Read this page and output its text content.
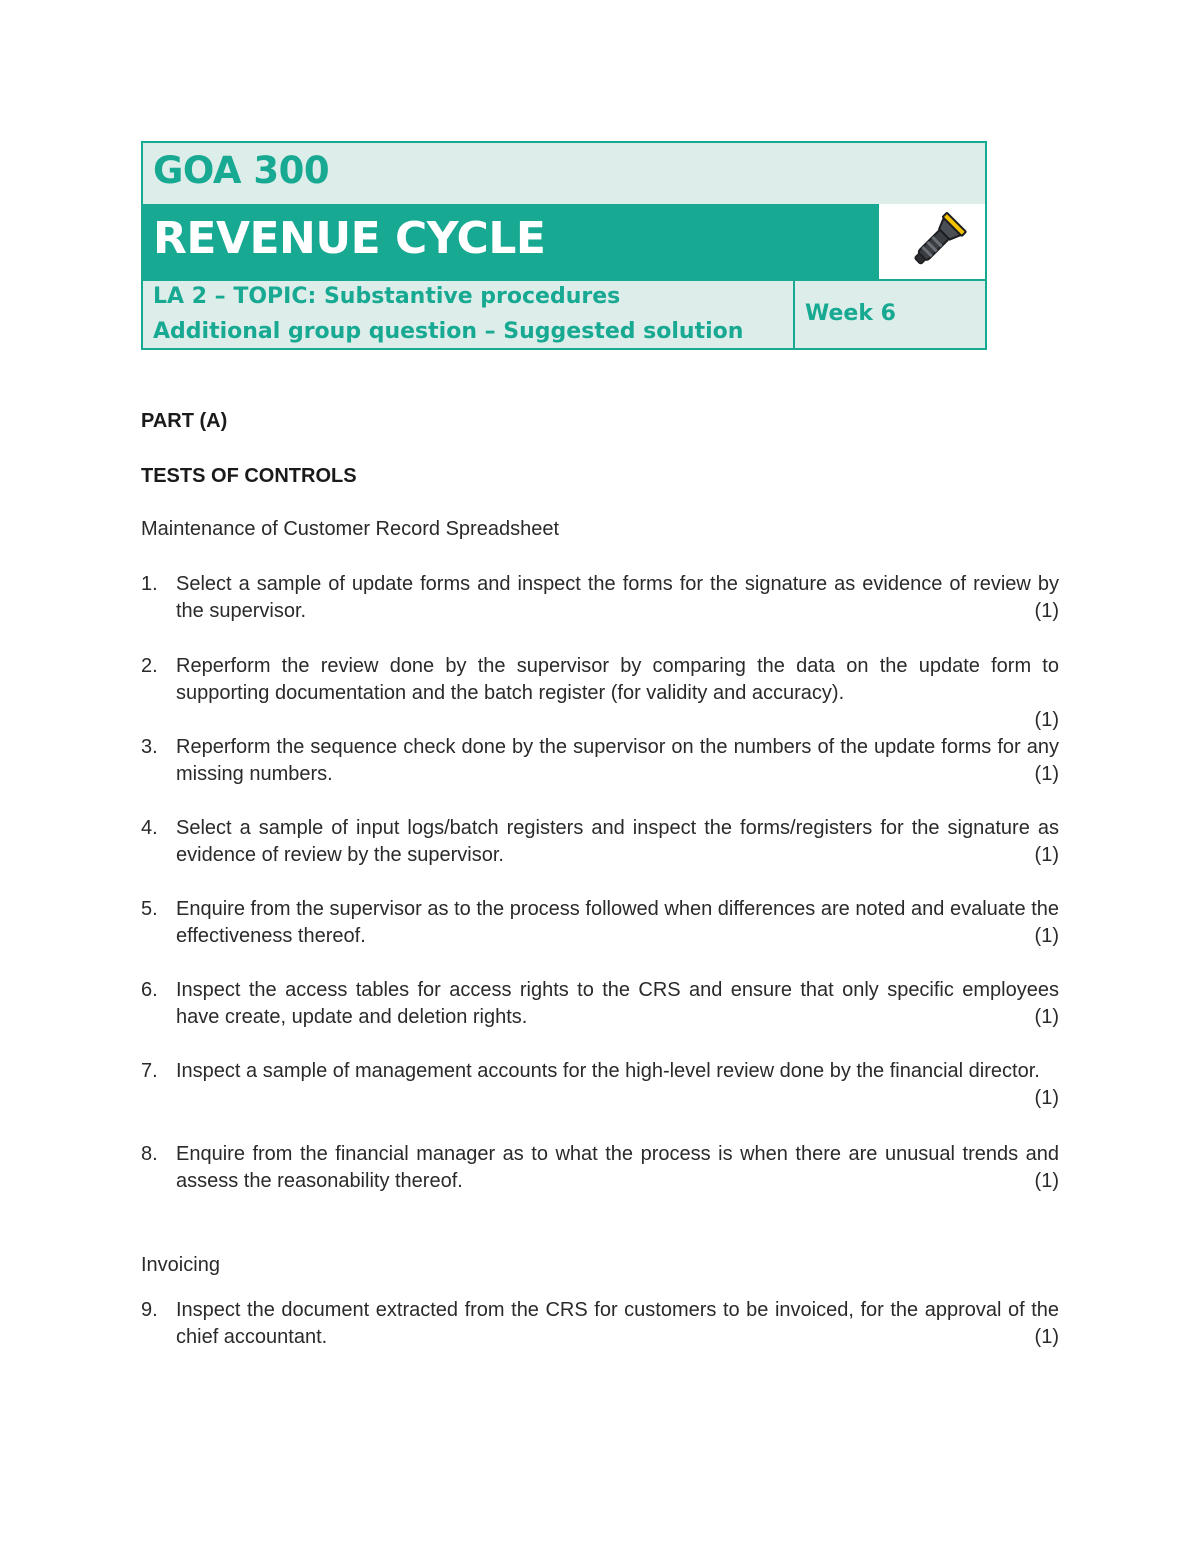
GOA 300
REVENUE CYCLE
LA 2 – TOPIC: Substantive procedures
Additional group question – Suggested solution
Week 6
PART (A)
TESTS OF CONTROLS
Maintenance of Customer Record Spreadsheet
1. Select a sample of update forms and inspect the forms for the signature as evidence of review by the supervisor.	(1)
2. Reperform the review done by the supervisor by comparing the data on the update form to supporting documentation and the batch register (for validity and accuracy).

(1)
3. Reperform the sequence check done by the supervisor on the numbers of the update forms for any missing numbers.	(1)
4. Select a sample of input logs/batch registers and inspect the forms/registers for the signature as evidence of review by the supervisor.	(1)
5. Enquire from the supervisor as to the process followed when differences are noted and evaluate the effectiveness thereof.	(1)
6. Inspect the access tables for access rights to the CRS and ensure that only specific employees have create, update and deletion rights.	(1)
7. Inspect a sample of management accounts for the high-level review done by the financial director.
(1)
8. Enquire from the financial manager as to what the process is when there are unusual trends and assess the reasonability thereof.	(1)
Invoicing
9. Inspect the document extracted from the CRS for customers to be invoiced, for the approval of the chief accountant.	(1)
